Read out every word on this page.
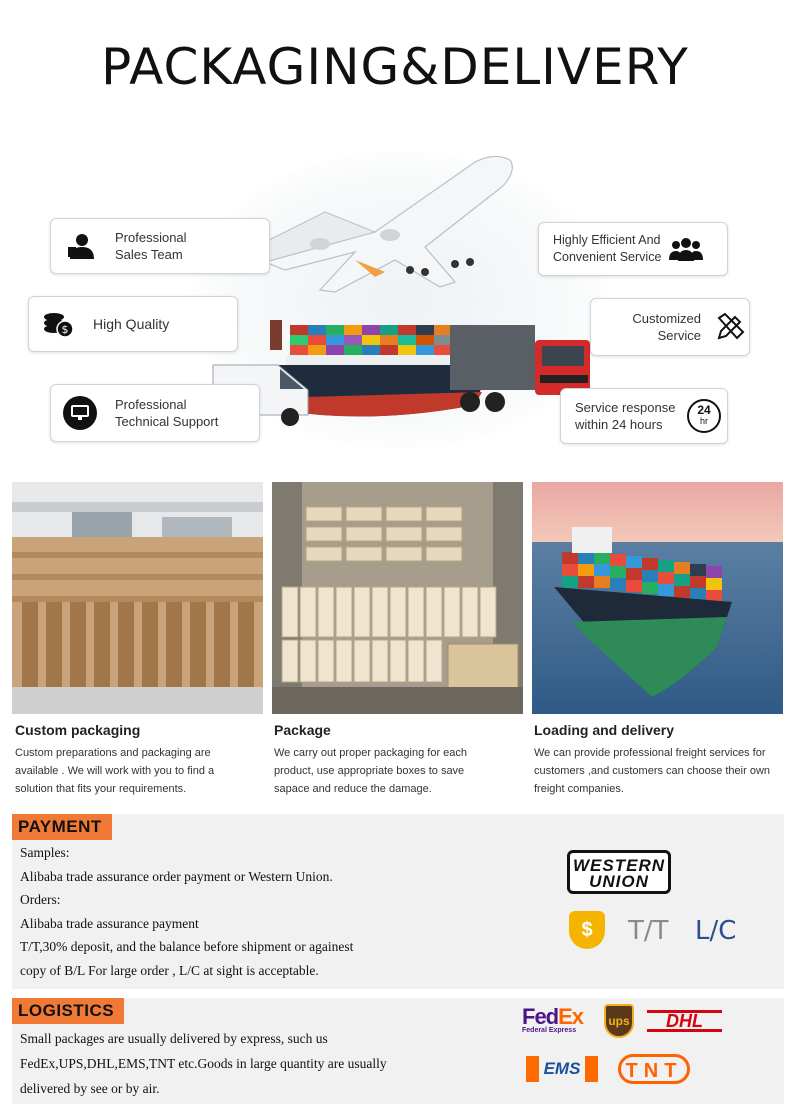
PACKAGING&DELIVERY
Professional
Sales Team
$ High Quality
Professional
Technical Support
Highly Efficient And
Convenient Service
Customized
Service
Service response
within 24 hours
24
hr
Custom packaging
Custom preparations and packaging are available . We will work with you to find a solution that fits your requirements.
Package
We carry out proper packaging for each product, use appropriate boxes to save sapace and reduce the damage.
Loading and delivery
We can provide professional freight services for customers ,and customers can choose their own freight companies.
PAYMENT
Samples:
Alibaba trade assurance order payment or Western Union.
Orders:
Alibaba trade assurance payment
T/T,30% deposit, and the balance before shipment or againest
copy of B/L For large order , L/C at sight is acceptable.
WESTERN
UNION
$	T/T L/C
LOGISTICS
Small packages are usually delivered by express, such us
FedEx,UPS,DHL,EMS,TNT etc.Goods in large quantity are usually
delivered by see or by air.
FedEx
Federal Express
ups	DHL
EMS	TNT
